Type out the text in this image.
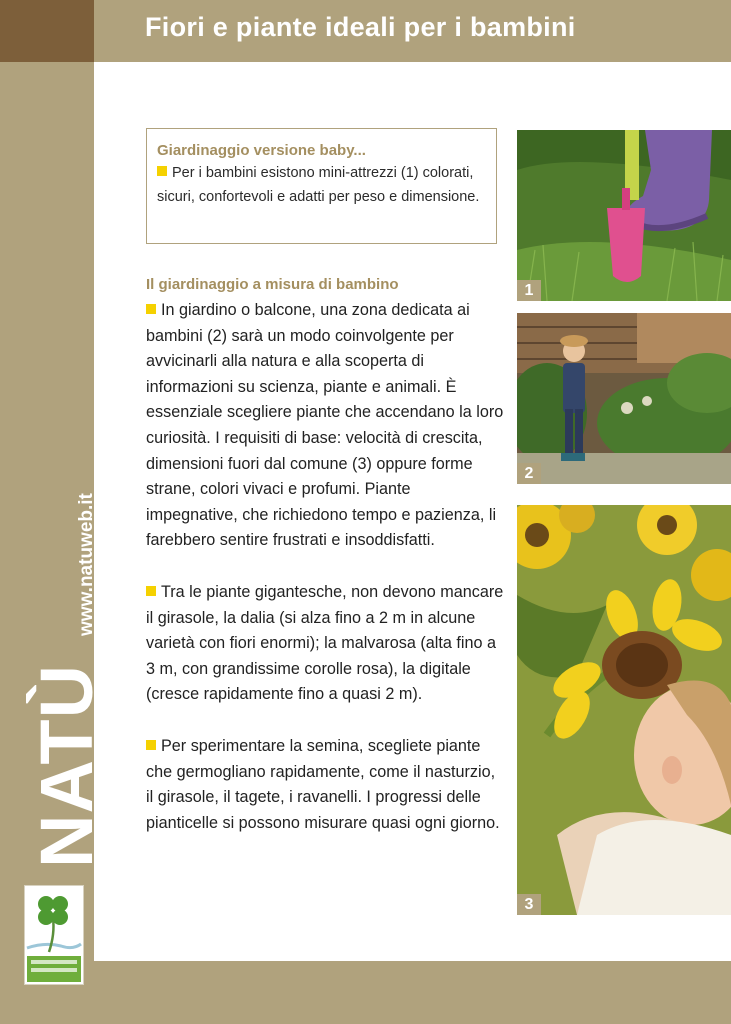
Fiori e piante ideali per i bambini
NATÙ
www.natuweb.it
Giardinaggio versione baby...

Per i bambini esistono mini-attrezzi (1) colorati, sicuri, confortevoli e adatti per peso e dimensione.

Il giardinaggio a misura di bambino

In giardino o balcone, una zona dedicata ai bambini (2) sarà un modo coinvolgente per avvicinarli alla natura e alla scoperta di informazioni su scienza, piante e animali. È essenziale scegliere piante che accendano la loro curiosità. I requisiti di base: velocità di crescita, dimensioni fuori dal comune (3) oppure forme strane, colori vivaci e profumi. Piante impegnative, che richiedono tempo e pazienza, li farebbero sentire frustrati e insoddisfatti.

Tra le piante gigantesche, non devono mancare il girasole, la dalia (si alza fino a 2 m in alcune varietà con fiori enormi); la malvarosa (alta fino a 3 m, con grandissime corolle rosa), la digitale (cresce rapidamente fino a quasi 2 m).

Per sperimentare la semina, scegliete piante che germogliano rapidamente, come il nasturzio, il girasole, il tagete, i ravanelli. I progressi delle pianticelle si possono misurare quasi ogni giorno.

1
2
3
